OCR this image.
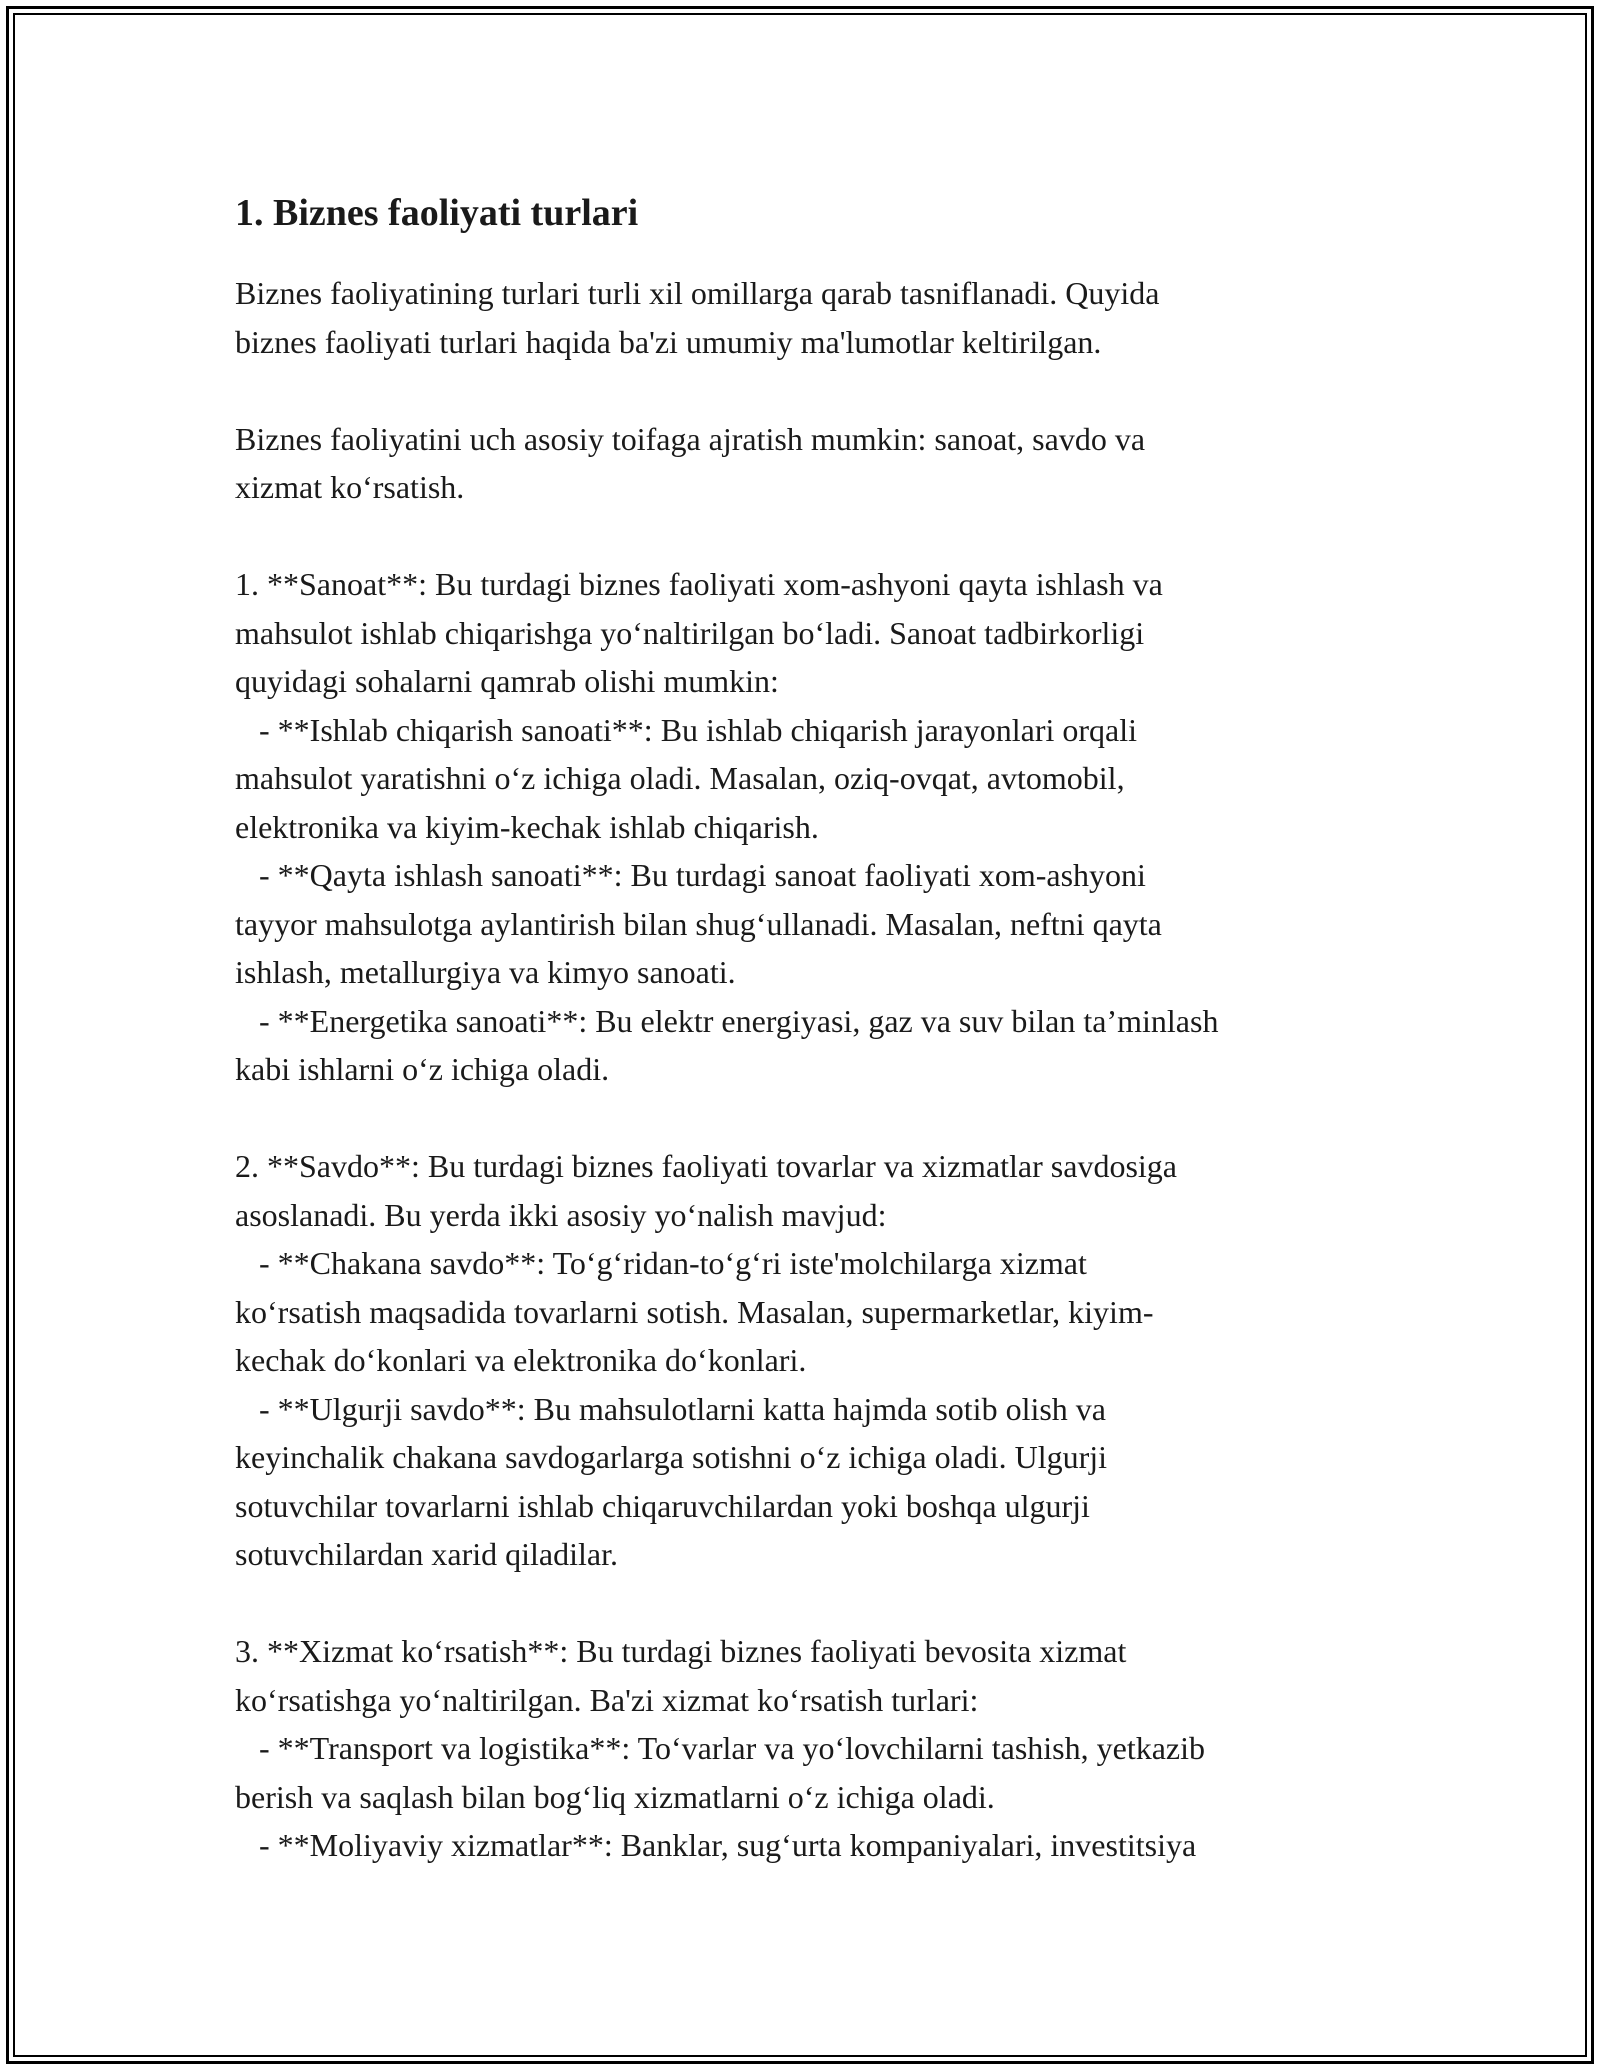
1. Biznes faoliyati turlari

Biznes faoliyatining turlari turli xil omillarga qarab tasniflanadi. Quyida
biznes faoliyati turlari haqida ba'zi umumiy ma'lumotlar keltirilgan.

Biznes faoliyatini uch asosiy toifaga ajratish mumkin: sanoat, savdo va
xizmat ko‘rsatish.

1. **Sanoat**: Bu turdagi biznes faoliyati xom-ashyoni qayta ishlash va
mahsulot ishlab chiqarishga yo‘naltirilgan bo‘ladi. Sanoat tadbirkorligi
quyidagi sohalarni qamrab olishi mumkin:
- **Ishlab chiqarish sanoati**: Bu ishlab chiqarish jarayonlari orqali
mahsulot yaratishni o‘z ichiga oladi. Masalan, oziq-ovqat, avtomobil,
elektronika va kiyim-kechak ishlab chiqarish.
- **Qayta ishlash sanoati**: Bu turdagi sanoat faoliyati xom-ashyoni
tayyor mahsulotga aylantirish bilan shug‘ullanadi. Masalan, neftni qayta
ishlash, metallurgiya va kimyo sanoati.
- **Energetika sanoati**: Bu elektr energiyasi, gaz va suv bilan ta’minlash
kabi ishlarni o‘z ichiga oladi.

2. **Savdo**: Bu turdagi biznes faoliyati tovarlar va xizmatlar savdosiga
asoslanadi. Bu yerda ikki asosiy yo‘nalish mavjud:
- **Chakana savdo**: To‘g‘ridan-to‘g‘ri iste'molchilarga xizmat
ko‘rsatish maqsadida tovarlarni sotish. Masalan, supermarketlar, kiyim-
kechak do‘konlari va elektronika do‘konlari.
- **Ulgurji savdo**: Bu mahsulotlarni katta hajmda sotib olish va
keyinchalik chakana savdogarlarga sotishni o‘z ichiga oladi. Ulgurji
sotuvchilar tovarlarni ishlab chiqaruvchilardan yoki boshqa ulgurji
sotuvchilardan xarid qiladilar.

3. **Xizmat ko‘rsatish**: Bu turdagi biznes faoliyati bevosita xizmat
ko‘rsatishga yo‘naltirilgan. Ba'zi xizmat ko‘rsatish turlari:
- **Transport va logistika**: To‘varlar va yo‘lovchilarni tashish, yetkazib
berish va saqlash bilan bog‘liq xizmatlarni o‘z ichiga oladi.
- **Moliyaviy xizmatlar**: Banklar, sug‘urta kompaniyalari, investitsiya
